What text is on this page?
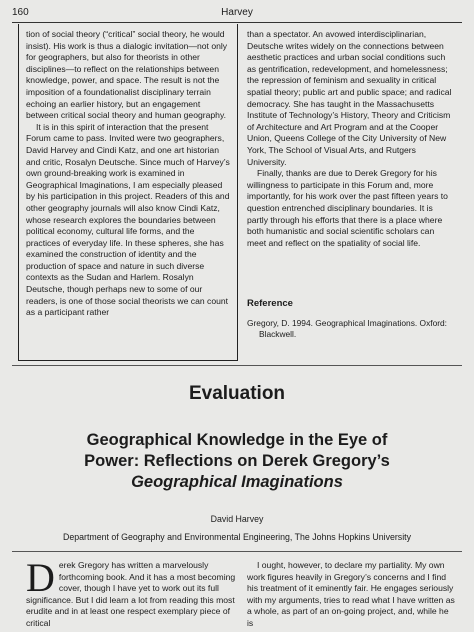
160	Harvey

tion of social theory (“critical” social theory, he would insist). His work is thus a dialogic invitation—not only for geographers, but also for theorists in other disciplines—to reflect on the relationships between knowledge, power, and space. The result is not the imposition of a foundationalist disciplinary terrain echoing an earlier history, but an engagement between critical social theory and human geography.

It is in this spirit of interaction that the present Forum came to pass. Invited were two geographers, David Harvey and Cindi Katz, and one art historian and critic, Rosalyn Deutsche. Since much of Harvey’s own ground-breaking work is examined in Geographical Imaginations, I am especially pleased by his participation in this project. Readers of this and other geography journals will also know Cindi Katz, whose research explores the boundaries between political economy, cultural life forms, and the practices of everyday life. In these spheres, she has examined the construction of identity and the production of space and nature in such diverse contexts as the Sudan and Harlem. Rosalyn Deutsche, though perhaps new to some of our readers, is one of those social theorists we can count as a participant rather

than a spectator. An avowed interdisciplinarian, Deutsche writes widely on the connections between aesthetic practices and urban social conditions such as gentrification, redevelopment, and homelessness; the repression of feminism and sexuality in critical spatial theory; public art and public space; and radical democracy. She has taught in the Massachusetts Institute of Technology’s History, Theory and Criticism of Architecture and Art Program and at the Cooper Union, Queens College of the City University of New York, The School of Visual Arts, and Rutgers University.

Finally, thanks are due to Derek Gregory for his willingness to participate in this Forum and, more importantly, for his work over the past fifteen years to question entrenched disciplinary boundaries. It is partly through his efforts that there is a place where both humanistic and social scientific scholars can meet and reflect on the spatiality of social life.

Reference

Gregory, D. 1994. Geographical Imaginations. Oxford: Blackwell.

Evaluation
Geographical Knowledge in the Eye of
Power: Reflections on Derek Gregory’s
Geographical Imaginations
David Harvey
Department of Geography and Environmental Engineering, The Johns Hopkins University

Derek Gregory has written a marvelously forthcoming book. And it has a most becoming cover, though I have yet to work out its full significance. But I did learn a lot from reading this most erudite and in at least one respect exemplary piece of critical

I ought, however, to declare my partiality. My own work figures heavily in Gregory’s concerns and I find his treatment of it eminently fair. He engages seriously with my arguments, tries to read what I have written as a whole, as part of an on-going project, and, while he is
